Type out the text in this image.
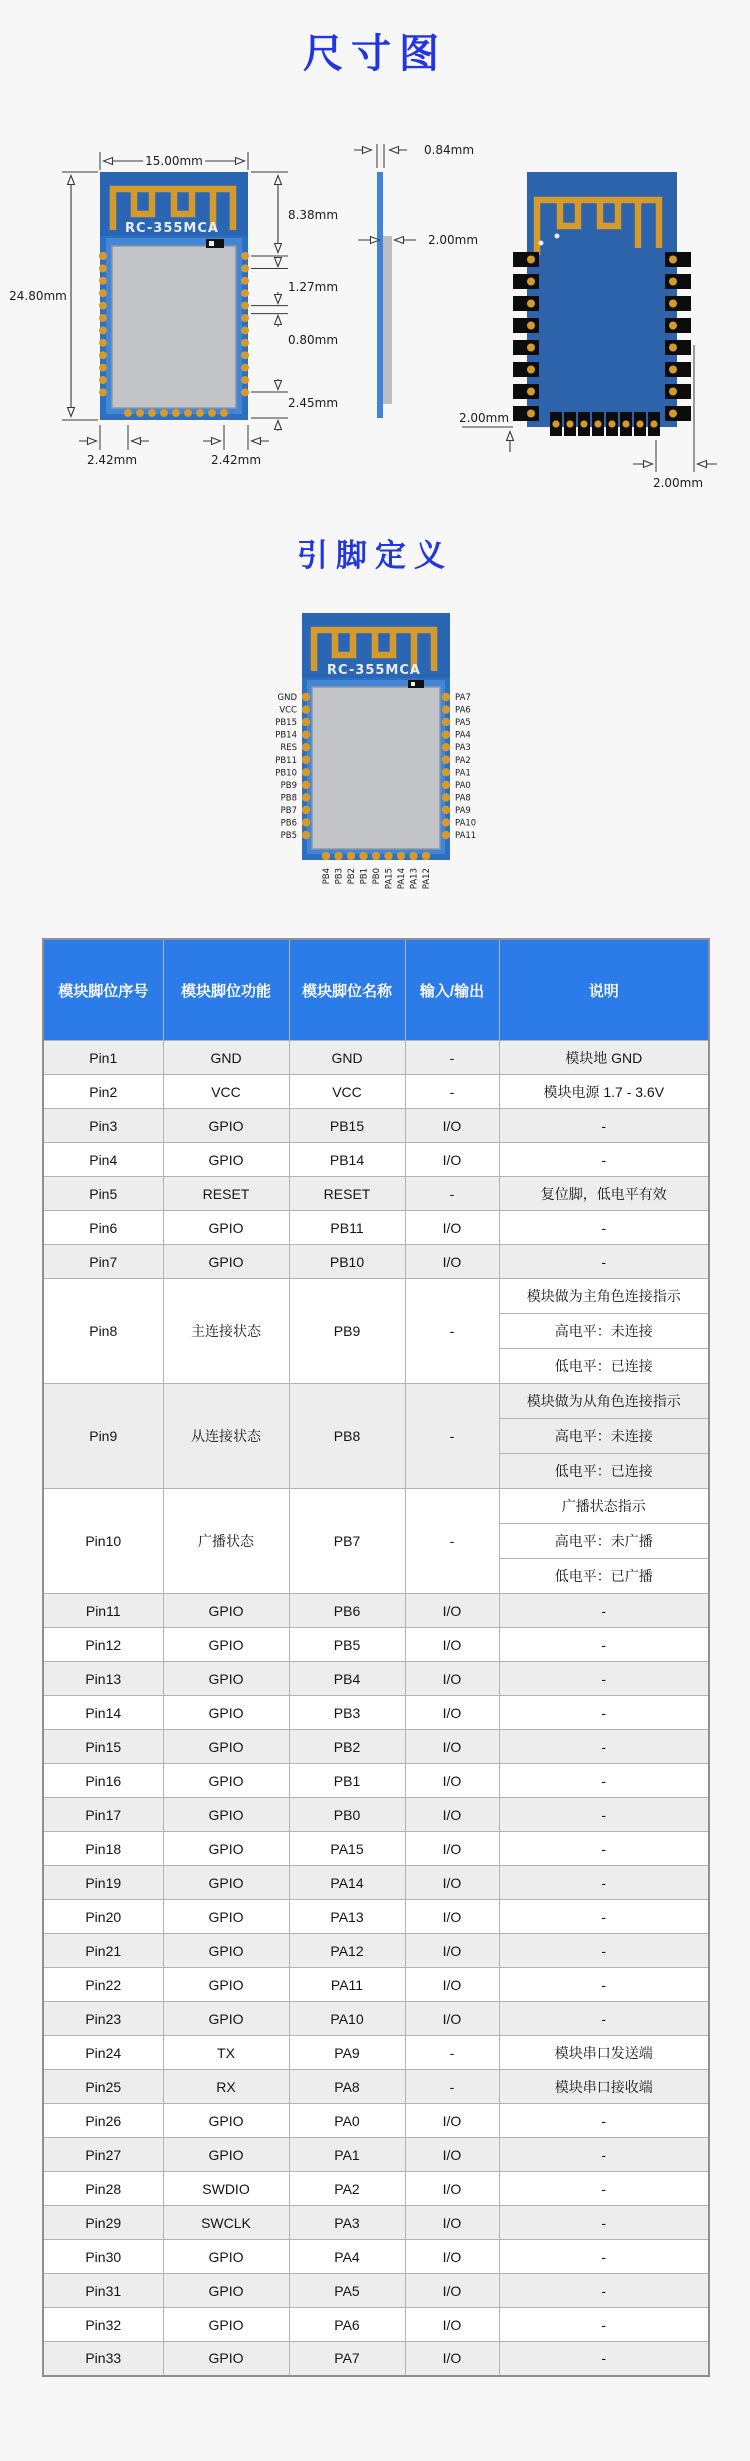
尺寸图
RC-355MCA
15.00mm
24.80mm
8.38mm
1.27mm
0.80mm
2.45mm
2.42mm	2.42mm
0.84mm
2.00mm
2.00mm
2.00mm
引脚定义
RC-355MCA
GND
VCC
PB15
PB14
RES
PB11
PB10
PB9
PB8
PB7
PB6
PB5
PA7
PA6
PA5
PA4
PA3
PA2
PA1
PA0
PA8
PA9
PA10
PA11
PB4 PB3 PB2 PB1 PB0 PA15 PA14 PA13 PA12
模块脚位序号	模块脚位功能	模块脚位名称	输入/输出	说明
Pin1	GND	GND	-	模块地 GND
Pin2	VCC	VCC	-	模块电源 1.7 - 3.6V
Pin3	GPIO	PB15	I/O	-
Pin4	GPIO	PB14	I/O	-
Pin5	RESET	RESET	-	复位脚，低电平有效
Pin6	GPIO	PB11	I/O	-
Pin7	GPIO	PB10	I/O	-
Pin8	主连接状态	PB9	-	模块做为主角色连接指示
高电平：未连接
低电平：已连接

Pin9	从连接状态	PB8	-	模块做为从角色连接指示
高电平：未连接
低电平：已连接

Pin10	广播状态	PB7	-	广播状态指示
高电平：未广播
低电平：已广播

Pin11	GPIO	PB6	I/O	-
Pin12	GPIO	PB5	I/O	-
Pin13	GPIO	PB4	I/O	-
Pin14	GPIO	PB3	I/O	-
Pin15	GPIO	PB2	I/O	-
Pin16	GPIO	PB1	I/O	-
Pin17	GPIO	PB0	I/O	-
Pin18	GPIO	PA15	I/O	-
Pin19	GPIO	PA14	I/O	-
Pin20	GPIO	PA13	I/O	-
Pin21	GPIO	PA12	I/O	-
Pin22	GPIO	PA11	I/O	-
Pin23	GPIO	PA10	I/O	-
Pin24	TX	PA9	-	模块串口发送端
Pin25	RX	PA8	-	模块串口接收端
Pin26	GPIO	PA0	I/O	-
Pin27	GPIO	PA1	I/O	-
Pin28	SWDIO	PA2	I/O	-
Pin29	SWCLK	PA3	I/O	-
Pin30	GPIO	PA4	I/O	-
Pin31	GPIO	PA5	I/O	-
Pin32	GPIO	PA6	I/O	-
Pin33	GPIO	PA7	I/O	-
